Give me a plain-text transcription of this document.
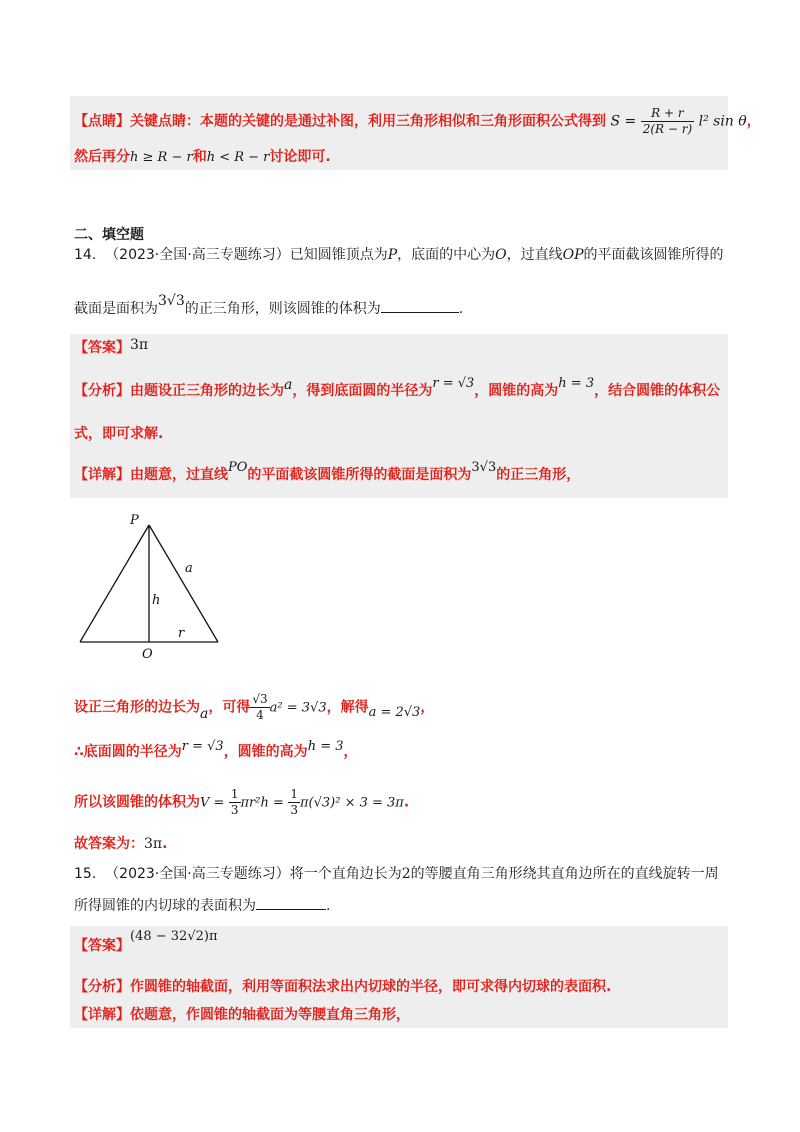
【点睛】关键点睛：本题的关键的是通过补图，利用三角形相似和三角形面积公式得到 $S = \frac{R + r}{2(R - r)} l^2$ sin θ，
然后再分h ≥ R − r和h < R − r讨论即可.
二、填空题
14. （2023·全国·高三专题练习）已知圆锥顶点为P，底面的中心为O，过直线OP的平面截该圆锥所得的
截面是面积为3√3的正三角形，则该圆锥的体积为	.
【答案】3π
【分析】由题设正三角形的边长为a，得到底面圆的半径为r = √3，圆锥的高为h = 3，结合圆锥的体积公
式，即可求解.
【详解】由题意，过直线PO的平面截该圆锥所得的截面是面积为3√3的正三角形，
P
O
a
h
r
设正三角形的边长为a，可得 $\frac{√3}{4} a^2 = 3√3$，解得a = 2√3，
∴底面圆的半径为r = √3，圆锥的高为h = 3，
所以该圆锥的体积为$V = \frac{1}{3} \pi r^2h = \frac{1}{3} \pi(√3)^2 \times 3 = 3\pi$.
故答案为：3π.
15. （2023·全国·高三专题练习）将一个直角边长为2的等腰直角三角形绕其直角边所在的直线旋转一周
所得圆锥的内切球的表面积为	.
【答案】(48 − 32√2)π
【分析】作圆锥的轴截面，利用等面积法求出内切球的半径，即可求得内切球的表面积.
【详解】依题意，作圆锥的轴截面为等腰直角三角形，
